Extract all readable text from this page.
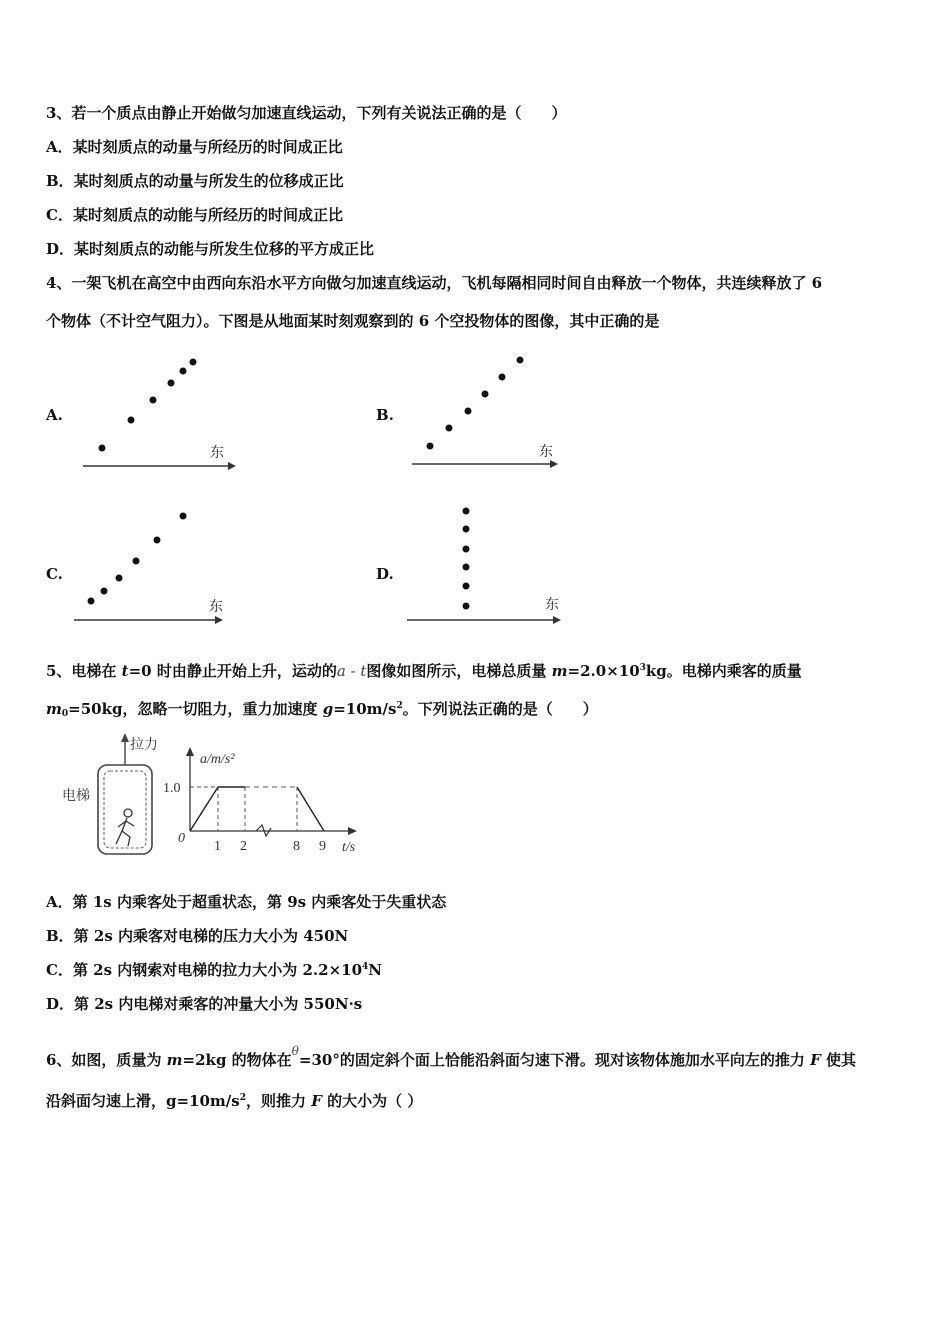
3、若一个质点由静止开始做匀加速直线运动，下列有关说法正确的是（　　）
A．某时刻质点的动量与所经历的时间成正比
B．某时刻质点的动量与所发生的位移成正比
C．某时刻质点的动能与所经历的时间成正比
D．某时刻质点的动能与所发生位移的平方成正比
4、一架飞机在高空中由西向东沿水平方向做匀加速直线运动，飞机每隔相同时间自由释放一个物体，共连续释放了 6
个物体（不计空气阻力）。下图是从地面某时刻观察到的 6 个空投物体的图像，其中正确的是
A.	B.
C.	D.
东	东
东	东
5、电梯在 t=0 时由静止开始上升，运动的a - t图像如图所示，电梯总质量 $m=2.0\times 10^3kg$。电梯内乘客的质量
$m_0=50kg$，忽略一切阻力，重力加速度 $g=10m/s^2$。下列说法正确的是（　　）
拉力
电梯
a/m/s²
1.0
0
t/s
1 2	8 9
A．第 1s 内乘客处于超重状态，第 9s 内乘客处于失重状态
B．第 2s 内乘客对电梯的压力大小为 450N
C．第 2s 内钢索对电梯的拉力大小为 $2.2\times 10^4N$
D．第 2s 内电梯对乘客的冲量大小为 550N·s
6、如图，质量为 m=2kg 的物体在$^\theta$=30°的固定斜个面上恰能沿斜面匀速下滑。现对该物体施加水平向左的推力 F 使其
沿斜面匀速上滑，$g=10m/s^2$，则推力 F 的大小为（ ）
